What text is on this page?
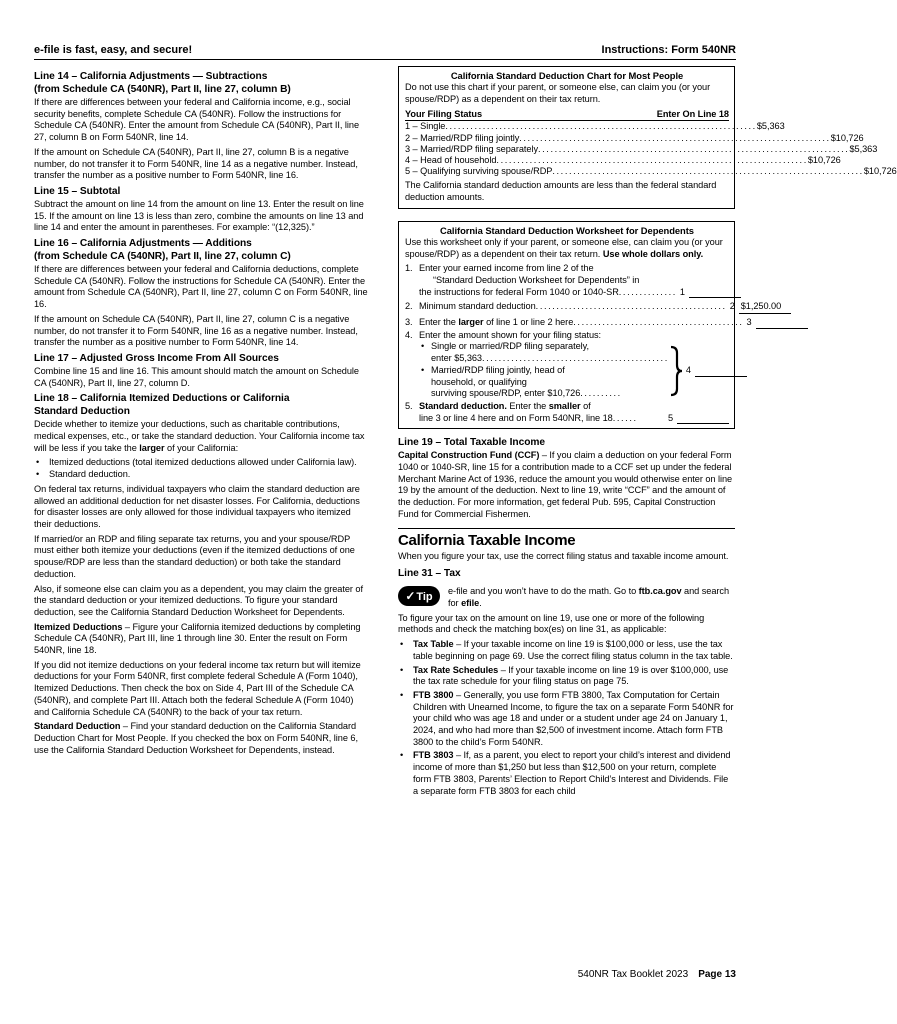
e-file is fast, easy, and secure!	Instructions: Form 540NR
Line 14 – California Adjustments — Subtractions
(from Schedule CA (540NR), Part II, line 27, column B)
If there are differences between your federal and California income, e.g., social security benefits, complete Schedule CA (540NR). Follow the instructions for Schedule CA (540NR). Enter the amount from Schedule CA (540NR), Part II, line 27, column B on Form 540NR, line 14.
If the amount on Schedule CA (540NR), Part II, line 27, column B is a negative number, do not transfer it to Form 540NR, line 14 as a negative number. Instead, transfer the number as a positive number to Form 540NR, line 16.
Line 15 – Subtotal
Subtract the amount on line 14 from the amount on line 13. Enter the result on line 15. If the amount on line 13 is less than zero, combine the amounts on line 13 and line 14 and enter the amount in parentheses. For example: “(12,325).”
Line 16 – California Adjustments — Additions
(from Schedule CA (540NR), Part II, line 27, column C)
If there are differences between your federal and California deductions, complete Schedule CA (540NR). Follow the instructions for Schedule CA (540NR). Enter the amount from Schedule CA (540NR), Part II, line 27, column C on Form 540NR, line 16.
If the amount on Schedule CA (540NR), Part II, line 27, column C is a negative number, do not transfer it to Form 540NR, line 16 as a negative number. Instead, transfer the number as a positive number to Form 540NR, line 14.
Line 17 – Adjusted Gross Income From All Sources
Combine line 15 and line 16. This amount should match the amount on Schedule CA (540NR), Part II, line 27, column D.
Line 18 – California Itemized Deductions or California
Standard Deduction
Decide whether to itemize your deductions, such as charitable contributions, medical expenses, etc., or take the standard deduction. Your California income tax will be less if you take the larger of your California:
• Itemized deductions (total itemized deductions allowed under California law).
• Standard deduction.
On federal tax returns, individual taxpayers who claim the standard deduction are allowed an additional deduction for net disaster losses. For California, deductions for disaster losses are only allowed for those individual taxpayers who itemized their deductions.
If married/or an RDP and filing separate tax returns, you and your spouse/RDP must either both itemize your deductions (even if the itemized deductions of one spouse/RDP are less than the standard deduction) or both take the standard deduction.
Also, if someone else can claim you as a dependent, you may claim the greater of the standard deduction or your itemized deductions. To figure your standard deduction, see the California Standard Deduction Worksheet for Dependents.
Itemized Deductions – Figure your California itemized deductions by completing Schedule CA (540NR), Part III, line 1 through line 30. Enter the result on Form 540NR, line 18.
If you did not itemize deductions on your federal income tax return but will itemize deductions for your Form 540NR, first complete federal Schedule A (Form 1040), Itemized Deductions. Then check the box on Side 4, Part III of the Schedule CA (540NR), and complete Part III. Attach both the federal Schedule A (Form 1040) and California Schedule CA (540NR) to the back of your tax return.
Standard Deduction – Find your standard deduction on the California Standard Deduction Chart for Most People. If you checked the box on Form 540NR, line 6, use the California Standard Deduction Worksheet for Dependents, instead.
California Standard Deduction Chart for Most People
Do not use this chart if your parent, or someone else, can claim you (or your spouse/RDP) as a dependent on their tax return.
Your Filing Status	Enter On Line 18
1 – Single ........................................................................... $5,363
2 – Married/RDP filing jointly ........................................................................... $10,726
3 – Married/RDP filing separately ........................................................................... $5,363
4 – Head of household ........................................................................... $10,726
5 – Qualifying surviving spouse/RDP ........................................................................... $10,726
The California standard deduction amounts are less than the federal standard deduction amounts.
California Standard Deduction Worksheet for Dependents
Use this worksheet only if your parent, or someone else, can claim you (or your spouse/RDP) as a dependent on their tax return. Use whole dollars only.
1. Enter your earned income from line 2 of the
“Standard Deduction Worksheet for Dependents” in
the instructions for federal Form 1040 or 1040-SR .............. 1
2. Minimum standard deduction .............................................. 2 $1,250.00
3. Enter the larger of line 1 or line 2 here ......................................... 3
4. Enter the amount shown for your filing status:
• Single or married/RDP filing separately,
enter $5,363 .............................................
• Married/RDP filing jointly, head of
household, or qualifying
surviving spouse/RDP, enter $10,726 ..........
4
5. Standard deduction. Enter the smaller of
line 3 or line 4 here and on Form 540NR, line 18 ......	5
Line 19 – Total Taxable Income
Capital Construction Fund (CCF) – If you claim a deduction on your federal Form 1040 or 1040-SR, line 15 for a contribution made to a CCF set up under the federal Merchant Marine Act of 1936, reduce the amount you would otherwise enter on line 19 by the amount of the deduction. Next to line 19, write “CCF” and the amount of the deduction. For more information, get federal Pub. 595, Capital Construction Fund for Commercial Fishermen.
California Taxable Income
When you figure your tax, use the correct filing status and taxable income amount.
Line 31 – Tax
✓Tip	e-file and you won’t have to do the math. Go to ftb.ca.gov and search for efile.
To figure your tax on the amount on line 19, use one or more of the following methods and check the matching box(es) on line 31, as applicable:
• Tax Table – If your taxable income on line 19 is $100,000 or less, use the tax table beginning on page 69. Use the correct filing status column in the tax table.
• Tax Rate Schedules – If your taxable income on line 19 is over $100,000, use the tax rate schedule for your filing status on page 75.
• FTB 3800 – Generally, you use form FTB 3800, Tax Computation for Certain Children with Unearned Income, to figure the tax on a separate Form 540NR for your child who was age 18 and under or a student under age 24 on January 1, 2024, and who had more than $2,500 of investment income. Attach form FTB 3800 to the child’s Form 540NR.
• FTB 3803 – If, as a parent, you elect to report your child’s interest and dividend income of more than $1,250 but less than $12,500 on your return, complete form FTB 3803, Parents’ Election to Report Child’s Interest and Dividends. File a separate form FTB 3803 for each child
540NR Tax Booklet 2023 Page 13
